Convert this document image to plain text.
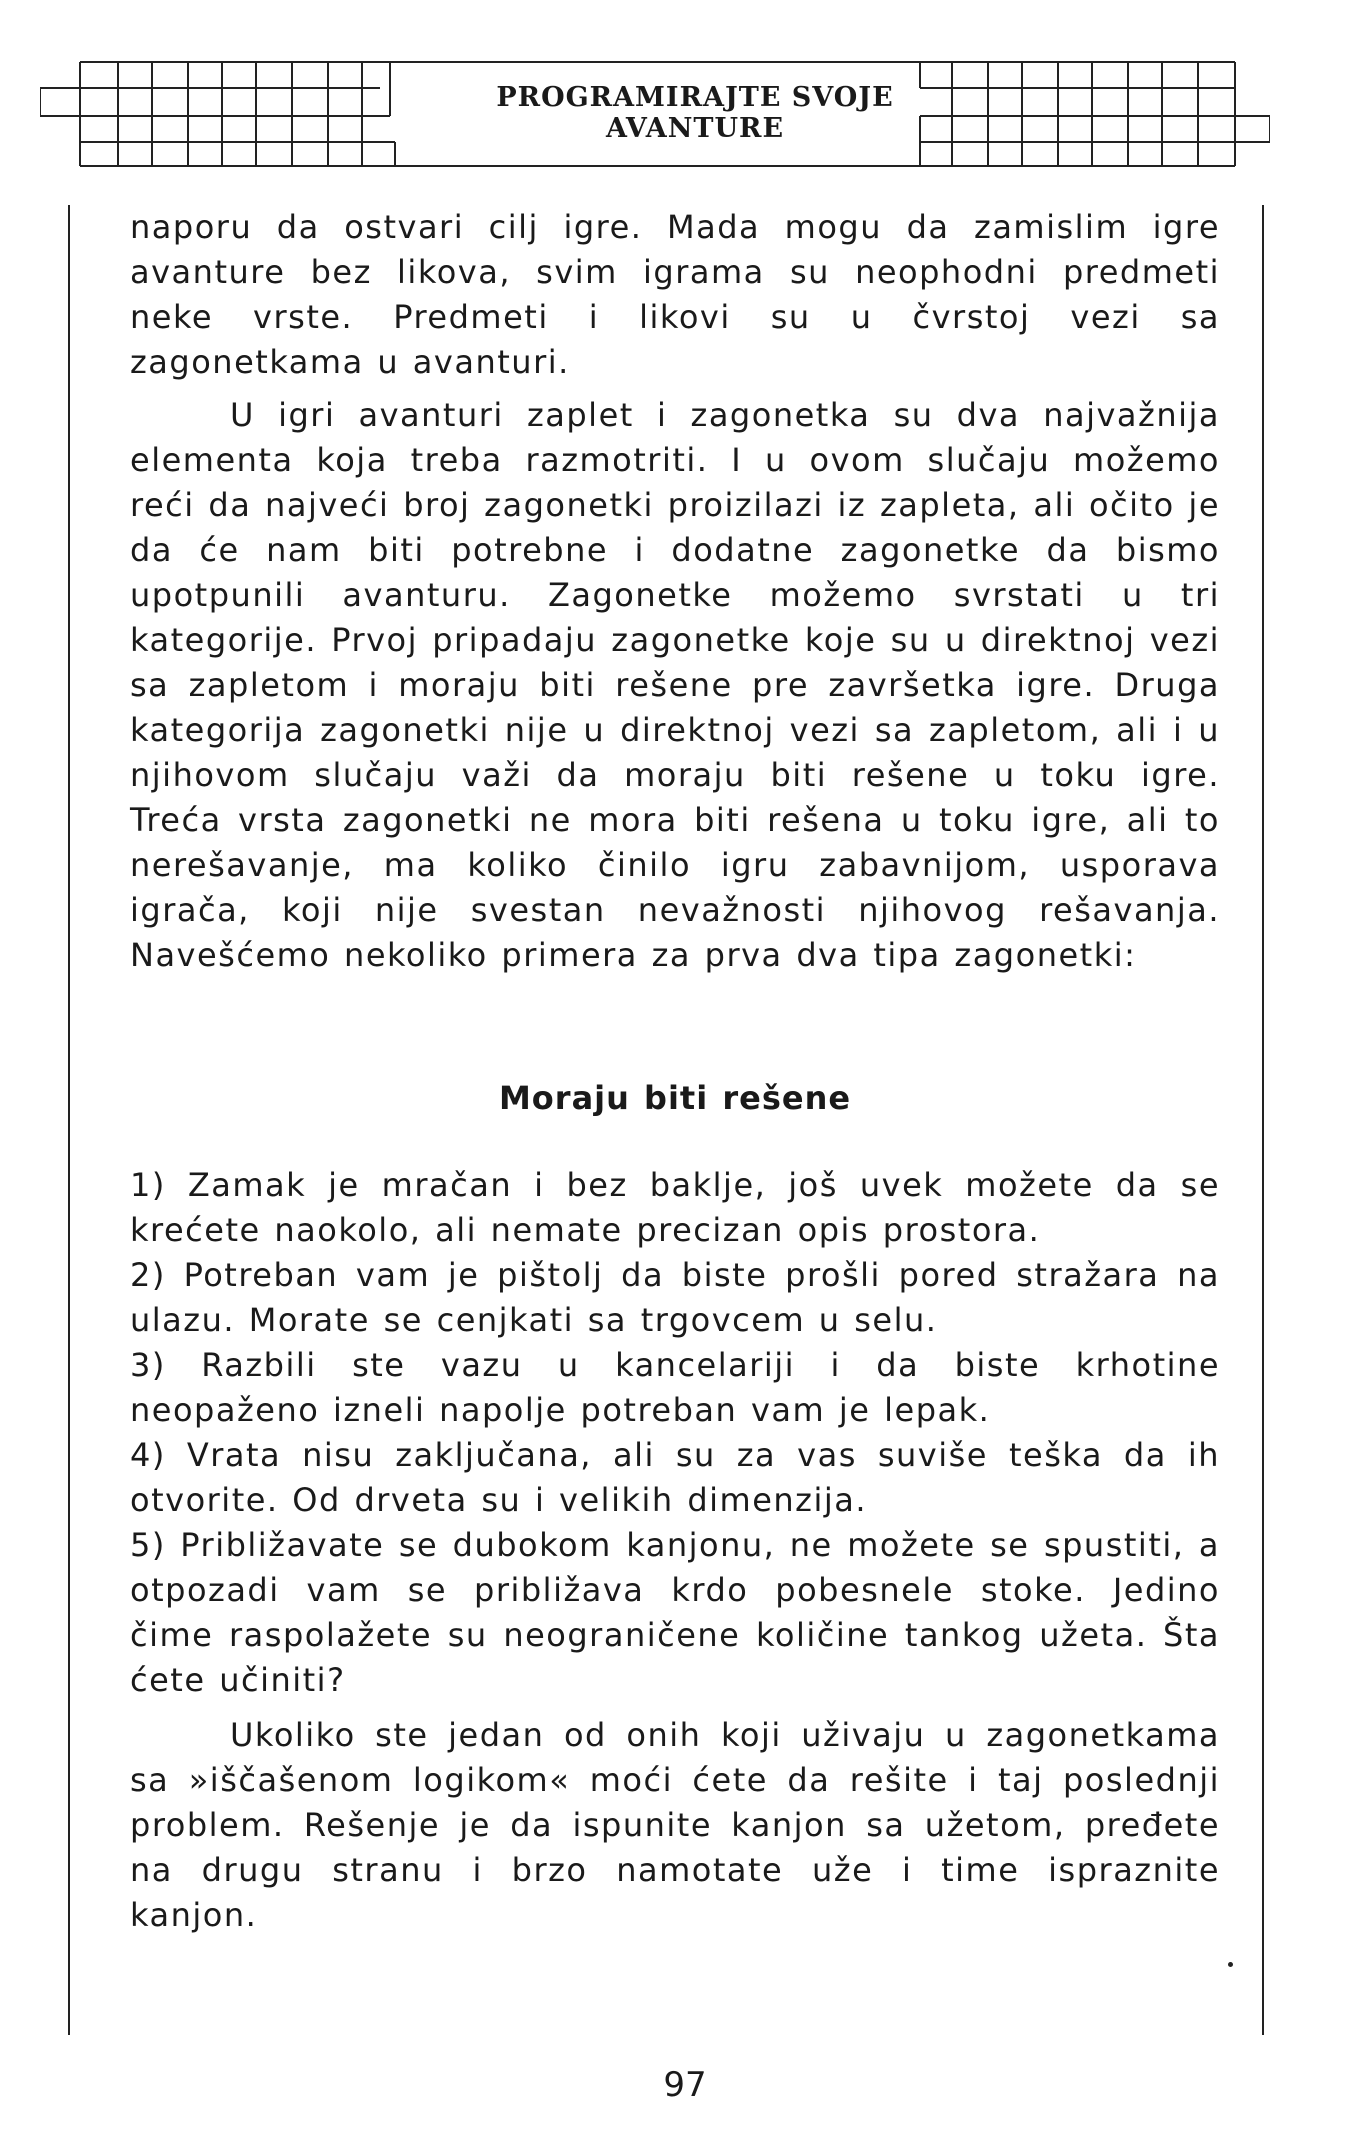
PROGRAMIRAJTE SVOJE
AVANTURE

naporu da ostvari cilj igre. Mada mogu da zamislim igre avanture bez likova, svim igrama su neophodni predmeti neke vrste. Predmeti i likovi su u čvrstoj vezi sa zagonetkama u avanturi.

U igri avanturi zaplet i zagonetka su dva najvažnija elementa koja treba razmotriti. I u ovom slučaju možemo reći da najveći broj zagonetki proizilazi iz zapleta, ali očito je da će nam biti potrebne i dodatne zagonetke da bismo upotpunili avanturu. Zagonetke možemo svrstati u tri kategorije. Prvoj pripadaju zagonetke koje su u direktnoj vezi sa zapletom i moraju biti rešene pre završetka igre. Druga kategorija zagonetki nije u direktnoj vezi sa zapletom, ali i u njihovom slučaju važi da moraju biti rešene u toku igre. Treća vrsta zagonetki ne mora biti rešena u toku igre, ali to nerešavanje, ma koliko činilo igru zabavnijom, usporava igrača, koji nije svestan nevažnosti njihovog rešavanja. Navešćemo nekoliko primera za prva dva tipa zagonetki:

Moraju biti rešene

1) Zamak je mračan i bez baklje, još uvek možete da se krećete naokolo, ali nemate precizan opis prostora.

2) Potreban vam je pištolj da biste prošli pored stražara na ulazu. Morate se cenjkati sa trgovcem u selu.

3) Razbili ste vazu u kancelariji i da biste krhotine neopaženo izneli napolje potreban vam je lepak.

4) Vrata nisu zaključana, ali su za vas suviše teška da ih otvorite. Od drveta su i velikih dimenzija.

5) Približavate se dubokom kanjonu, ne možete se spustiti, a otpozadi vam se približava krdo pobesnele stoke. Jedino čime raspolažete su neograničene količine tankog užeta. Šta ćete učiniti?

Ukoliko ste jedan od onih koji uživaju u zagonetkama sa »iščašenom logikom« moći ćete da rešite i taj poslednji problem. Rešenje je da ispunite kanjon sa užetom, pređete na drugu stranu i brzo namotate uže i time ispraznite kanjon.

97
